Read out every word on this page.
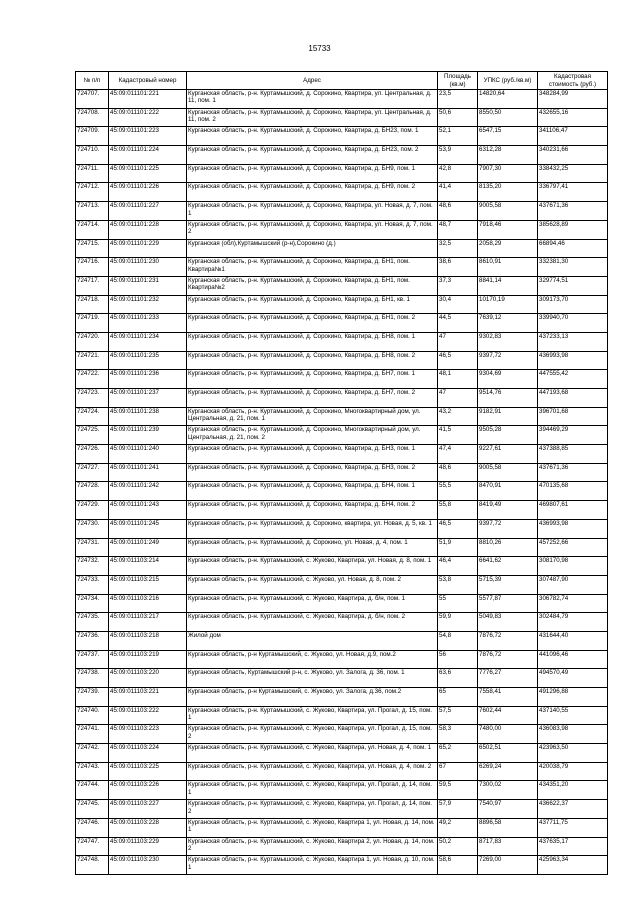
15733
№ п/п	Кадастровый номер	Адрес	Площадь (кв.м)	УПКС (руб./кв.м)	Кадастровая стоимость (руб.)
724707.	45:09:011101:221	Курганская область, р-н. Куртамышский, д. Сорокино, Квартира, ул. Центральная, д. 11, пом. 1	23,5	14820,64	348284,99
724708.	45:09:011101:222	Курганская область, р-н. Куртамышский, д. Сорокино, Квартира, ул. Центральная, д. 11, пом. 2	50,6	8550,50	432655,16
724709.	45:09:011101:223	Курганская область, р-н. Куртамышский, д. Сорокино, Квартира, д. БН23, пом. 1	52,1	6547,15	341106,47
724710.	45:09:011101:224	Курганская область, р-н. Куртамышский, д. Сорокино, Квартира, д. БН23, пом. 2	53,9	6312,28	340231,66
724711.	45:09:011101:225	Курганская область, р-н. Куртамышский, д. Сорокино, Квартира, д. БН9, пом. 1	42,8	7907,30	338432,25
724712.	45:09:011101:226	Курганская область, р-н. Куртамышский, д. Сорокино, Квартира, д. БН9, пом. 2	41,4	8135,20	336797,41
724713.	45:09:011101:227	Курганская область, р-н. Куртамышский, д. Сорокино, Квартира, ул. Новая, д. 7, пом. 1	48,6	9005,58	437671,36
724714.	45:09:011101:228	Курганская область, р-н. Куртамышский, д. Сорокино, Квартира, ул. Новая, д. 7, пом. 2	48,7	7918,46	385628,89
724715.	45:09:011101:229	Курганская (обл),Куртамышский (р-н),Сорокино (д.)	32,5	2058,29	66894,46
724716.	45:09:011101:230	Курганская область, р-н. Куртамышский, д. Сорокино, Квартира, д. БН1, пом. Квартира№1	38,6	8610,91	332381,30
724717.	45:09:011101:231	Курганская область, р-н. Куртамышский, д. Сорокино, Квартира, д. БН1, пом. Квартира№2	37,3	8841,14	329774,51
724718.	45:09:011101:232	Курганская область, р-н. Куртамышский, д. Сорокино, Квартира, д. БН1, кв. 1	30,4	10170,19	309173,70
724719.	45:09:011101:233	Курганская область, р-н. Куртамышский, д. Сорокино, Квартира, д. БН1, пом. 2	44,5	7639,12	339940,70
724720.	45:09:011101:234	Курганская область, р-н. Куртамышский, д. Сорокино, Квартира, д. БН8, пом. 1	47	9302,83	437233,13
724721.	45:09:011101:235	Курганская область, р-н. Куртамышский, д. Сорокино, Квартира, д. БН8, пом. 2	46,5	9397,72	436993,98
724722.	45:09:011101:236	Курганская область, р-н. Куртамышский, д. Сорокино, Квартира, д. БН7, пом. 1	48,1	9304,69	447555,42
724723.	45:09:011101:237	Курганская область, р-н. Куртамышский, д. Сорокино, Квартира, д. БН7, пом. 2	47	9514,76	447193,68
724724.	45:09:011101:238	Курганская область, р-н. Куртамышский, д. Сорокино, Многоквартирный дом, ул. Центральная, д. 21, пом. 1	43,2	9182,91	396701,68
724725.	45:09:011101:239	Курганская область, р-н. Куртамышский, д. Сорокино, Многоквартирный дом, ул. Центральная, д. 21, пом. 2	41,5	9505,28	394469,29
724726.	45:09:011101:240	Курганская область, р-н. Куртамышский, д. Сорокино, Квартира, д. БН3, пом. 1	47,4	9227,61	437388,85
724727.	45:09:011101:241	Курганская область, р-н. Куртамышский, д. Сорокино, Квартира, д. БН3, пом. 2	48,6	9005,58	437671,36
724728.	45:09:011101:242	Курганская область, р-н. Куртамышский, д. Сорокино, Квартира, д. БН4, пом. 1	55,5	8470,91	470135,68
724729.	45:09:011101:243	Курганская область, р-н. Куртамышский, д. Сорокино, Квартира, д. БН4, пом. 2	55,8	8419,49	469807,61
724730.	45:09:011101:245	Курганская область, р-н. Куртамышский, д. Сорокино, квартира, ул. Новая, д. 5, кв. 1	46,5	9397,72	436993,98
724731.	45:09:011101:249	Курганская область, р-н. Куртамышский, д. Сорокино, ул. Новая, д. 4, пом. 1	51,9	8810,26	457252,66
724732.	45:09:011103:214	Курганская область, р-н. Куртамышский, с. Жуково, Квартира, ул. Новая, д. 8, пом. 1	46,4	6641,62	308170,98
724733.	45:09:011103:215	Курганская область, р-н. Куртамышский, с. Жуково, ул. Новая, д. 8, пом. 2	53,8	5715,39	307487,90
724734.	45:09:011103:216	Курганская область, р-н. Куртамышский, с. Жуково, Квартира, д. б/н, пом. 1	55	5577,87	306782,74
724735.	45:09:011103:217	Курганская область, р-н. Куртамышский, с. Жуково, Квартира, д. б/н, пом. 2	59,9	5049,83	302484,79
724736.	45:09:011103:218	Жилой дом	54,8	7876,72	431644,40
724737.	45:09:011103:219	Курганская область, р-н Куртамышский, с. Жуково, ул. Новая, д.9, пом.2	56	7876,72	441096,46
724738.	45:09:011103:220	Курганская область, Куртамышский р-н, с. Жуково, ул. Залога, д. 36, пом. 1	63,6	7776,27	494570,49
724739.	45:09:011103:221	Курганская область, р-н Куртамышский, с. Жуково, ул. Залога, д.36, пом.2	65	7558,41	491296,88
724740.	45:09:011103:222	Курганская область, р-н. Куртамышский, с. Жуково, Квартира, ул. Прогал, д. 15, пом. 1	57,5	7602,44	437140,55
724741.	45:09:011103:223	Курганская область, р-н. Куртамышский, с. Жуково, Квартира, ул. Прогал, д. 15, пом. 2	58,3	7480,00	436083,98
724742.	45:09:011103:224	Курганская область, р-н. Куртамышский, с. Жуково, Квартира, ул. Новая, д. 4, пом. 1	65,2	6502,51	423963,50
724743.	45:09:011103:225	Курганская область, р-н. Куртамышский, с. Жуково, Квартира, ул. Новая, д. 4, пом. 2	67	6269,24	420038,79
724744.	45:09:011103:226	Курганская область, р-н. Куртамышский, с. Жуково, Квартира, ул. Прогал, д. 14, пом. 1	59,5	7300,02	434351,20
724745.	45:09:011103:227	Курганская область, р-н. Куртамышский, с. Жуково, Квартира, ул. Прогал, д. 14, пом. 2	57,9	7540,97	436622,37
724746.	45:09:011103:228	Курганская область, р-н. Куртамышский, с. Жуково, Квартира 1, ул. Новая, д. 14, пом. 1	49,2	8896,58	437711,75
724747.	45:09:011103:229	Курганская область, р-н. Куртамышский, с. Жуково, Квартира 2, ул. Новая, д. 14, пом. 2	50,2	8717,83	437635,17
724748.	45:09:011103:230	Курганская область, р-н. Куртамышский, с. Жуково, Квартира 1, ул. Новая, д. 10, пом. 1	58,6	7269,00	425963,34
